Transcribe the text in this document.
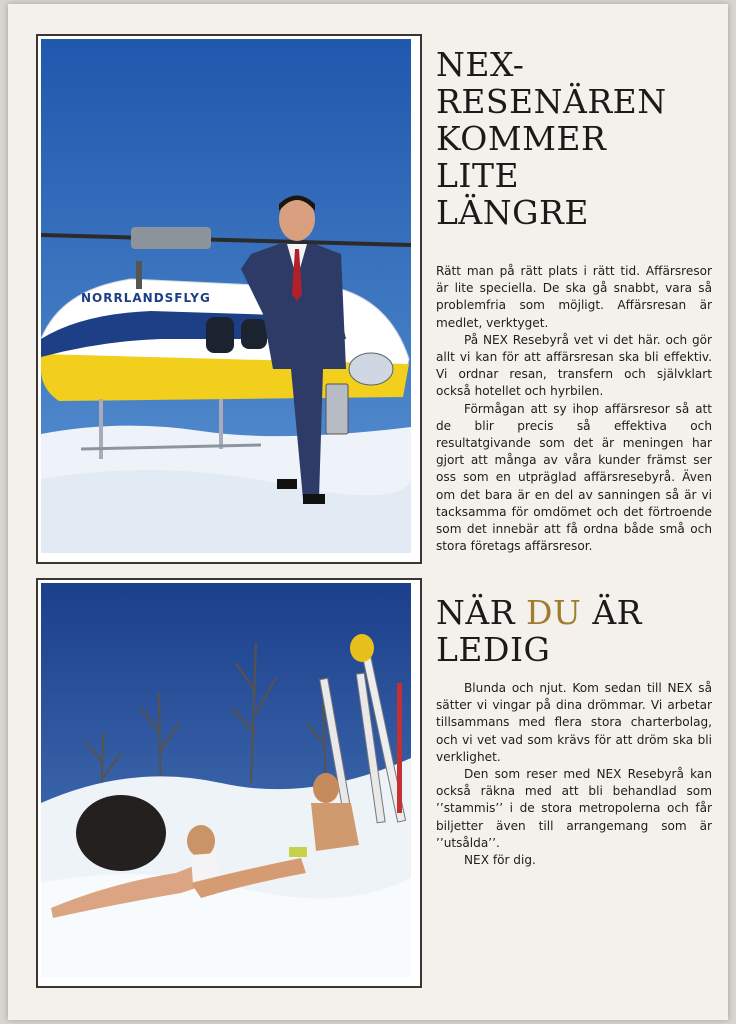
NORRLANDSFLYG
NEX-
RESENÄREN
KOMMER
LITE
LÄNGRE

Rätt man på rätt plats i rätt tid. Affärsresor är lite speciella. De ska gå snabbt, vara så problemfria som möjligt. Affärsresan är medlet, verktyget.

På NEX Resebyrå vet vi det här. och gör allt vi kan för att affärsresan ska bli effektiv. Vi ordnar resan, transfern och självklart också hotellet och hyrbilen.

Förmågan att sy ihop affärsresor så att de blir precis så effektiva och resultatgivande som det är meningen har gjort att många av våra kunder främst ser oss som en utpräglad affärsresebyrå. Även om det bara är en del av sanningen så är vi tacksamma för omdömet och det förtroende som det innebär att få ordna både små och stora företags affärsresor.

NÄR DU ÄR
LEDIG

Blunda och njut. Kom sedan till NEX så sätter vi vingar på dina drömmar. Vi arbetar tillsammans med flera stora charterbolag, och vi vet vad som krävs för att dröm ska bli verklighet.

Den som reser med NEX Resebyrå kan också räkna med att bli behandlad som ’’stammis’’ i de stora metropolerna och får biljetter även till arrangemang som är ’’utsålda’’.

NEX för dig.
